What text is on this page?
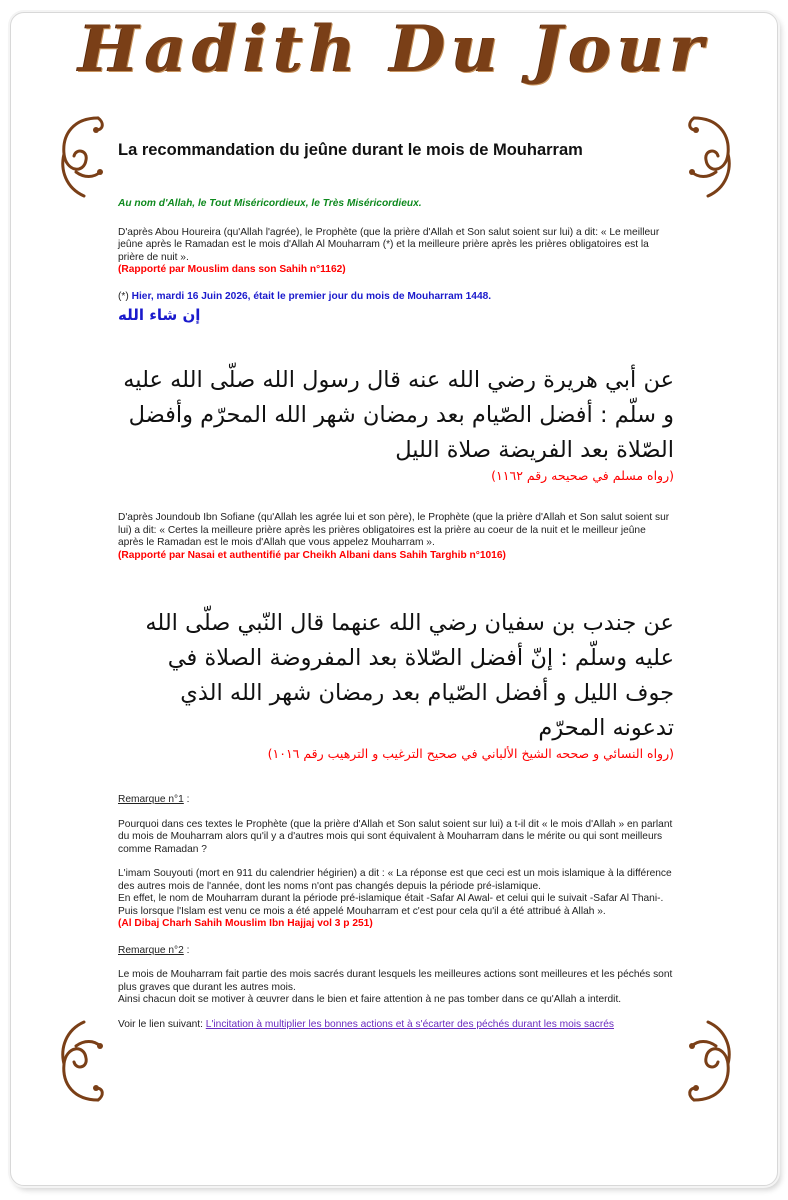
Hadith Du Jour
La recommandation du jeûne durant le mois de Mouharram
Au nom d'Allah, le Tout Miséricordieux, le Très Miséricordieux.
D'après Abou Houreira (qu'Allah l'agrée), le Prophète (que la prière d'Allah et Son salut soient sur lui) a dit: « Le meilleur jeûne après le Ramadan est le mois d'Allah Al Mouharram (*) et la meilleure prière après les prières obligatoires est la prière de nuit ».
(Rapporté par Mouslim dans son Sahih n°1162)
(*) Hier, mardi 16 Juin 2026, était le premier jour du mois de Mouharram 1448.
إن شاء الله
عن أبي هريرة رضي الله عنه قال رسول الله صلّى الله عليه و سلّم : أفضل الصّيام بعد رمضان شهر الله المحرّم وأفضل الصّلاة بعد الفريضة صلاة الليل
(رواه مسلم في صحيحه رقم ١١٦٢)
D'après Joundoub Ibn Sofiane (qu'Allah les agrée lui et son père), le Prophète (que la prière d'Allah et Son salut soient sur lui) a dit: « Certes la meilleure prière après les prières obligatoires est la prière au coeur de la nuit et le meilleur jeûne après le Ramadan est le mois d'Allah que vous appelez Mouharram ».
(Rapporté par Nasai et authentifié par Cheikh Albani dans Sahih Targhib n°1016)
عن جندب بن سفيان رضي الله عنهما قال النّبي صلّى الله عليه وسلّم : إنّ أفضل الصّلاة بعد المفروضة الصلاة في جوف الليل و أفضل الصّيام بعد رمضان شهر الله الذي تدعونه المحرّم
(رواه النسائي و صححه الشيخ الألباني في صحيح الترغيب و الترهيب رقم ١٠١٦)
Remarque n°1 :
Pourquoi dans ces textes le Prophète (que la prière d'Allah et Son salut soient sur lui) a t-il dit « le mois d'Allah » en parlant du mois de Mouharram alors qu'il y a d'autres mois qui sont équivalent à Mouharram dans le mérite ou qui sont meilleurs comme Ramadan ?
L'imam Souyouti (mort en 911 du calendrier hégirien) a dit : « La réponse est que ceci est un mois islamique à la différence des autres mois de l'année, dont les noms n'ont pas changés depuis la période pré-islamique.
En effet, le nom de Mouharram durant la période pré-islamique était -Safar Al Awal- et celui qui le suivait -Safar Al Thani-. Puis lorsque l'Islam est venu ce mois a été appelé Mouharram et c'est pour cela qu'il a été attribué à Allah ».
(Al Dibaj Charh Sahih Mouslim Ibn Hajjaj vol 3 p 251)
Remarque n°2 :
Le mois de Mouharram fait partie des mois sacrés durant lesquels les meilleures actions sont meilleures et les péchés sont plus graves que durant les autres mois.
Ainsi chacun doit se motiver à œuvrer dans le bien et faire attention à ne pas tomber dans ce qu'Allah a interdit.
Voir le lien suivant: L'incitation à multiplier les bonnes actions et à s'écarter des péchés durant les mois sacrés
